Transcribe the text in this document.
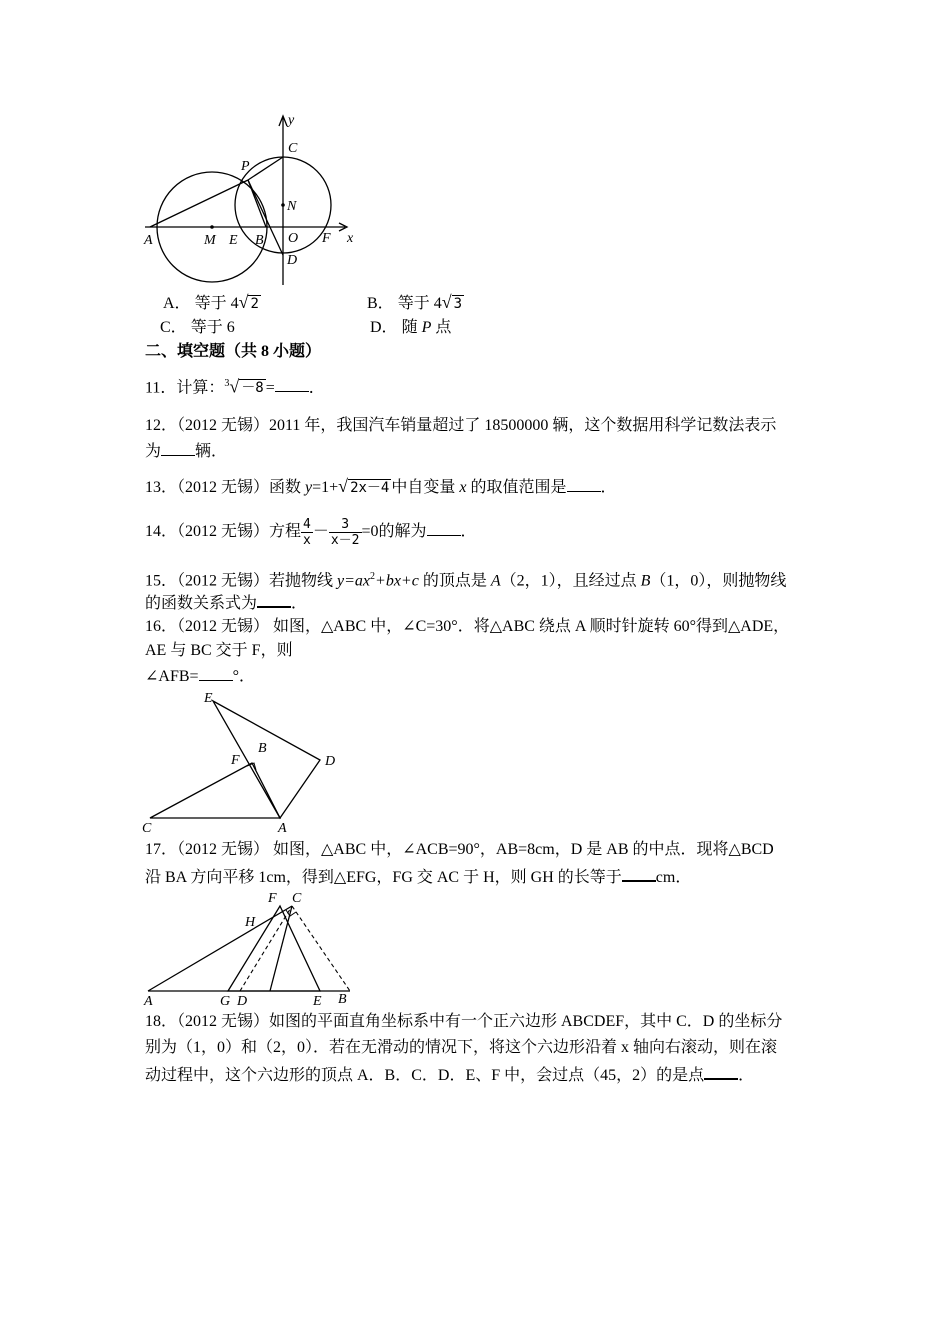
y
x
C
P
N
A	M E B O F
D
A． 等于 4√ 2	B． 等于 4√ 3
C． 等于 6	D． 随 P 点
二、填空题（共 8 小题）
11．计算：$^3$√ －8 = ．
12．（2012 无锡）2011 年，我国汽车销量超过了 18500000 辆，这个数据用科学记数法表示
为 辆．
13．（2012 无锡）函数 y=1+√ 2x－4 中自变量 x 的取值范围是 ．
14．（2012 无锡）方程 $\frac{4}{x} - \frac{3}{x-2} =0$的解为 ．
15．（2012 无锡）若抛物线 $y=ax^2+bx+c$ 的顶点是 A（2，1），且经过点 B（1，0），则抛物线
的函数关系式为 ．
16．（2012 无锡） 如图，△ABC 中，∠C=30°．将△ABC 绕点 A 顺时针旋转 60°得到△ADE，
AE 与 BC 交于 F，则
∠AFB= °．
E
F
B
D
C	A
17．（2012 无锡） 如图，△ABC 中，∠ACB=90°，AB=8cm，D 是 AB 的中点．现将△BCD
沿 BA 方向平移 1cm，得到△EFG，FG 交 AC 于 H，则 GH 的长等于 cm．
F C
H
A	G D	E B
18．（2012 无锡）如图的平面直角坐标系中有一个正六边形 ABCDEF，其中 C．D 的坐标分
别为（1，0）和（2，0）．若在无滑动的情况下，将这个六边形沿着 x 轴向右滚动，则在滚
动过程中，这个六边形的顶点 A．B．C．D．E、F 中，会过点（45，2）的是点 ．
